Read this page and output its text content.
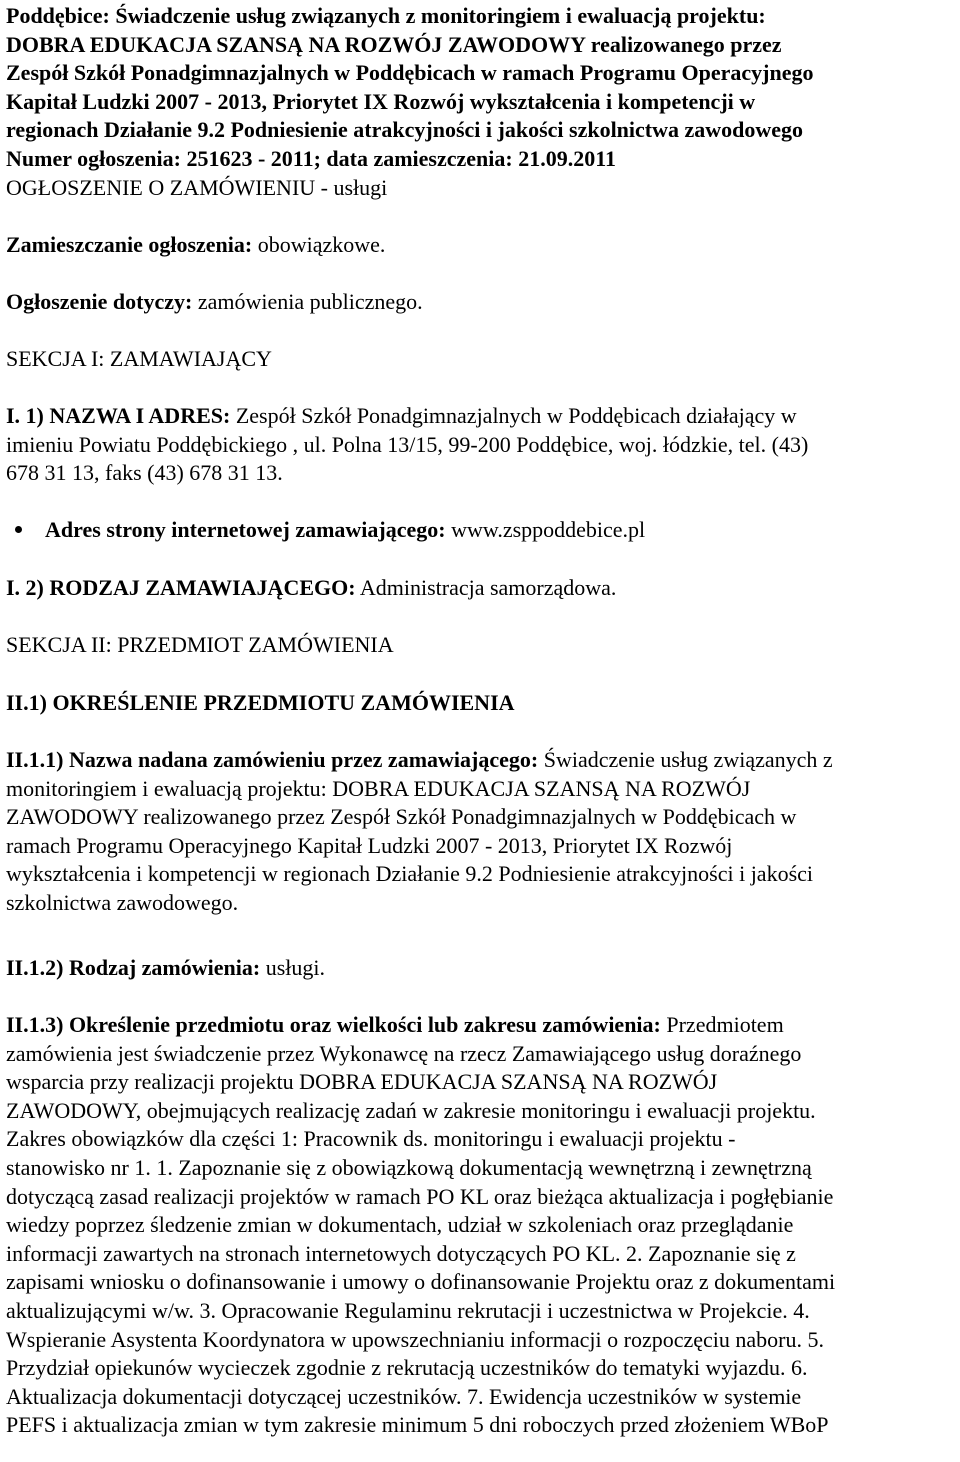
Poddębice: Świadczenie usług związanych z monitoringiem i ewaluacją projektu:
DOBRA EDUKACJA SZANSĄ NA ROZWÓJ ZAWODOWY realizowanego przez
Zespół Szkół Ponadgimnazjalnych w Poddębicach w ramach Programu Operacyjnego
Kapitał Ludzki 2007 - 2013, Priorytet IX Rozwój wykształcenia i kompetencji w
regionach Działanie 9.2 Podniesienie atrakcyjności i jakości szkolnictwa zawodowego
Numer ogłoszenia: 251623 - 2011; data zamieszczenia: 21.09.2011
OGŁOSZENIE O ZAMÓWIENIU - usługi
Zamieszczanie ogłoszenia: obowiązkowe.
Ogłoszenie dotyczy: zamówienia publicznego.
SEKCJA I: ZAMAWIAJĄCY
I. 1) NAZWA I ADRES: Zespół Szkół Ponadgimnazjalnych w Poddębicach działający w
imieniu Powiatu Poddębickiego , ul. Polna 13/15, 99-200 Poddębice, woj. łódzkie, tel. (43)
678 31 13, faks (43) 678 31 13.
Adres strony internetowej zamawiającego: www.zsppoddebice.pl
I. 2) RODZAJ ZAMAWIAJĄCEGO: Administracja samorządowa.
SEKCJA II: PRZEDMIOT ZAMÓWIENIA
II.1) OKREŚLENIE PRZEDMIOTU ZAMÓWIENIA
II.1.1) Nazwa nadana zamówieniu przez zamawiającego: Świadczenie usług związanych z
monitoringiem i ewaluacją projektu: DOBRA EDUKACJA SZANSĄ NA ROZWÓJ
ZAWODOWY realizowanego przez Zespół Szkół Ponadgimnazjalnych w Poddębicach w
ramach Programu Operacyjnego Kapitał Ludzki 2007 - 2013, Priorytet IX Rozwój
wykształcenia i kompetencji w regionach Działanie 9.2 Podniesienie atrakcyjności i jakości
szkolnictwa zawodowego.
II.1.2) Rodzaj zamówienia: usługi.
II.1.3) Określenie przedmiotu oraz wielkości lub zakresu zamówienia: Przedmiotem
zamówienia jest świadczenie przez Wykonawcę na rzecz Zamawiającego usług doraźnego
wsparcia przy realizacji projektu DOBRA EDUKACJA SZANSĄ NA ROZWÓJ
ZAWODOWY, obejmujących realizację zadań w zakresie monitoringu i ewaluacji projektu.
Zakres obowiązków dla części 1: Pracownik ds. monitoringu i ewaluacji projektu -
stanowisko nr 1. 1. Zapoznanie się z obowiązkową dokumentacją wewnętrzną i zewnętrzną
dotyczącą zasad realizacji projektów w ramach PO KL oraz bieżąca aktualizacja i pogłębianie
wiedzy poprzez śledzenie zmian w dokumentach, udział w szkoleniach oraz przeglądanie
informacji zawartych na stronach internetowych dotyczących PO KL. 2. Zapoznanie się z
zapisami wniosku o dofinansowanie i umowy o dofinansowanie Projektu oraz z dokumentami
aktualizującymi w/w. 3. Opracowanie Regulaminu rekrutacji i uczestnictwa w Projekcie. 4.
Wspieranie Asystenta Koordynatora w upowszechnianiu informacji o rozpoczęciu naboru. 5.
Przydział opiekunów wycieczek zgodnie z rekrutacją uczestników do tematyki wyjazdu. 6.
Aktualizacja dokumentacji dotyczącej uczestników. 7. Ewidencja uczestników w systemie
PEFS i aktualizacja zmian w tym zakresie minimum 5 dni roboczych przed złożeniem WBoP
